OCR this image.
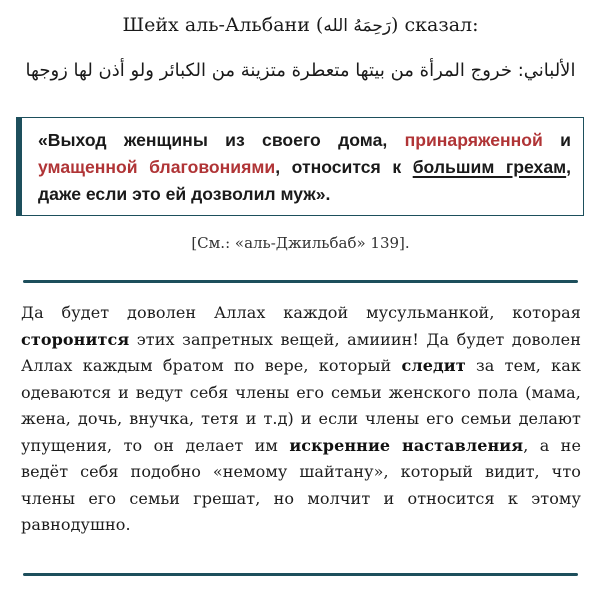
Шейх аль-Альбани (رَحِمَهُ الله) сказал:
الألباني: خروج المرأة من بيتها متعطرة متزينة من الكبائر ولو أذن لها زوجها
«Выход женщины из своего дома, принаряженной и умащенной благовониями, относится к большим грехам, даже если это ей дозволил муж».
[См.: «аль-Джильбаб» 139].
Да будет доволен Аллах каждой мусульманкой, которая сторонится этих запретных вещей, амииин! Да будет доволен Аллах каждым братом по вере, который следит за тем, как одеваются и ведут себя члены его семьи женского пола (мама, жена, дочь, внучка, тетя и т.д) и если члены его семьи делают упущения, то он делает им искренние наставления, а не ведёт себя подобно «немому шайтану», который видит, что члены его семьи грешат, но молчит и относится к этому равнодушно.
